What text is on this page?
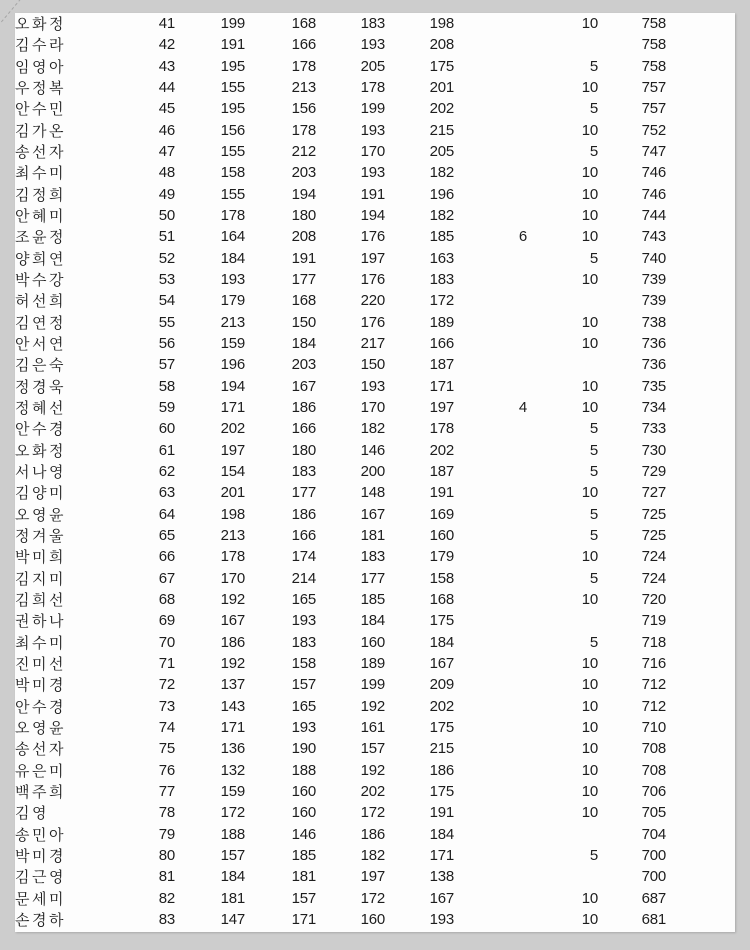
오화정	41	199	168	183	198		10	758	
김수라	42	191	166	193	208			758	
임영아	43	195	178	205	175		5	758	
우정복	44	155	213	178	201		10	757	
안수민	45	195	156	199	202		5	757	
김가온	46	156	178	193	215		10	752	
송선자	47	155	212	170	205		5	747	
최수미	48	158	203	193	182		10	746	
김정희	49	155	194	191	196		10	746	
안혜미	50	178	180	194	182		10	744	
조윤정	51	164	208	176	185	6	10	743	
양희연	52	184	191	197	163		5	740	
박수강	53	193	177	176	183		10	739	
허선희	54	179	168	220	172			739	
김연정	55	213	150	176	189		10	738	
안서연	56	159	184	217	166		10	736	
김은숙	57	196	203	150	187			736	
정경욱	58	194	167	193	171		10	735	
정혜선	59	171	186	170	197	4	10	734	
안수경	60	202	166	182	178		5	733	
오화정	61	197	180	146	202		5	730	
서나영	62	154	183	200	187		5	729	
김양미	63	201	177	148	191		10	727	
오영윤	64	198	186	167	169		5	725	
정겨울	65	213	166	181	160		5	725	
박미희	66	178	174	183	179		10	724	
김지미	67	170	214	177	158		5	724	
김희선	68	192	165	185	168		10	720	
권하나	69	167	193	184	175			719	
최수미	70	186	183	160	184		5	718	
진미선	71	192	158	189	167		10	716	
박미경	72	137	157	199	209		10	712	
안수경	73	143	165	192	202		10	712	
오영윤	74	171	193	161	175		10	710	
송선자	75	136	190	157	215		10	708	
유은미	76	132	188	192	186		10	708	
백주희	77	159	160	202	175		10	706	
김영	78	172	160	172	191		10	705	
송민아	79	188	146	186	184			704	
박미경	80	157	185	182	171		5	700	
김근영	81	184	181	197	138			700	
문세미	82	181	157	172	167		10	687	
손경하	83	147	171	160	193		10	681	
